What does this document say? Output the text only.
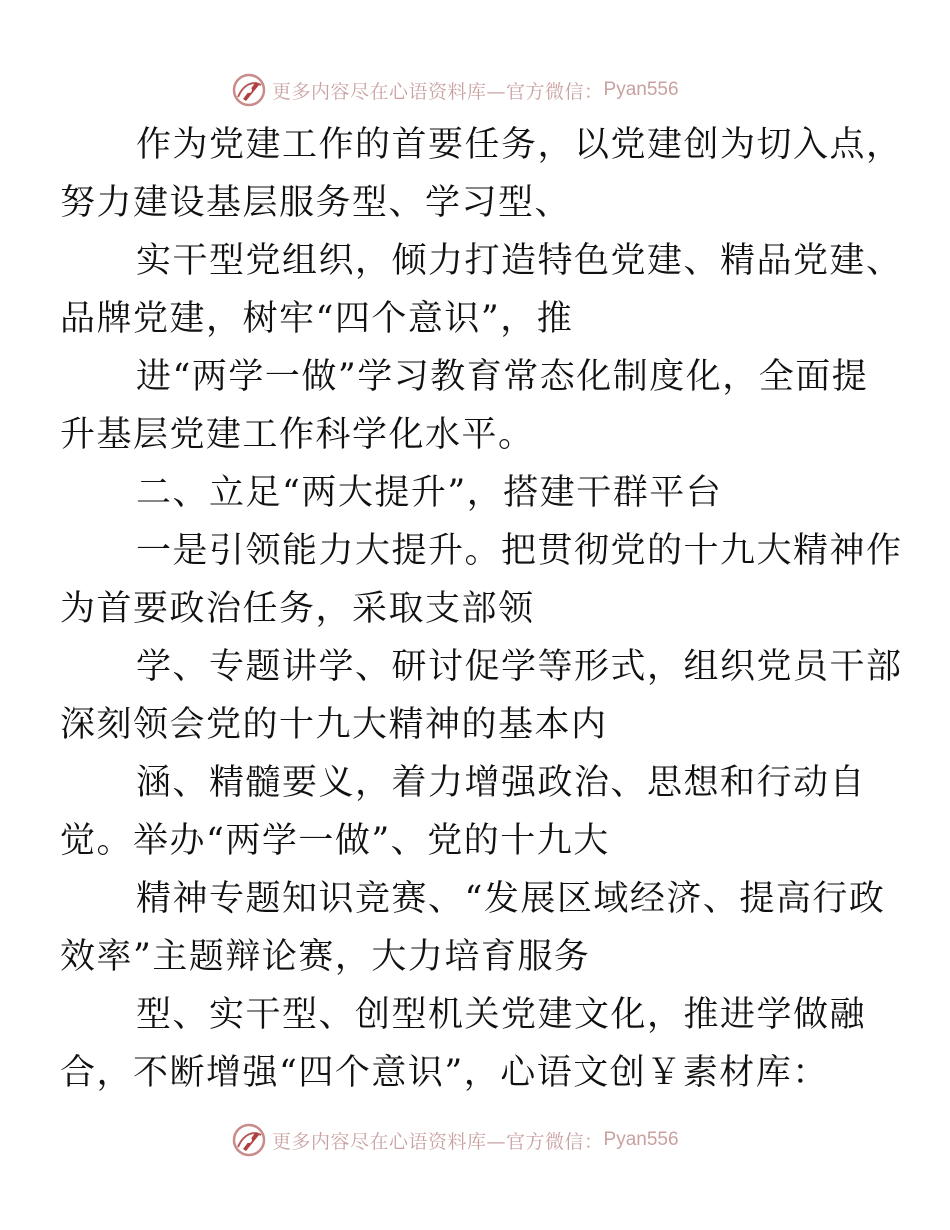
更多内容尽在心语资料库—官方微信： Pyan556

作为党建工作的首要任务，以党建创为切入点，
努力建设基层服务型、学习型、

实干型党组织，倾力打造特色党建、精品党建、
品牌党建，树牢“四个意识”，推

进“两学一做”学习教育常态化制度化，全面提
升基层党建工作科学化水平。

二、立足“两大提升”，搭建干群平台

一是引领能力大提升。把贯彻党的十九大精神作
为首要政治任务，采取支部领

学、专题讲学、研讨促学等形式，组织党员干部
深刻领会党的十九大精神的基本内

涵、精髓要义，着力增强政治、思想和行动自
觉。举办“两学一做”、党的十九大

精神专题知识竞赛、“发展区域经济、提高行政
效率”主题辩论赛，大力培育服务

型、实干型、创型机关党建文化，推进学做融
合，不断增强“四个意识”，心语文创￥素材库：

更多内容尽在心语资料库—官方微信： Pyan556
